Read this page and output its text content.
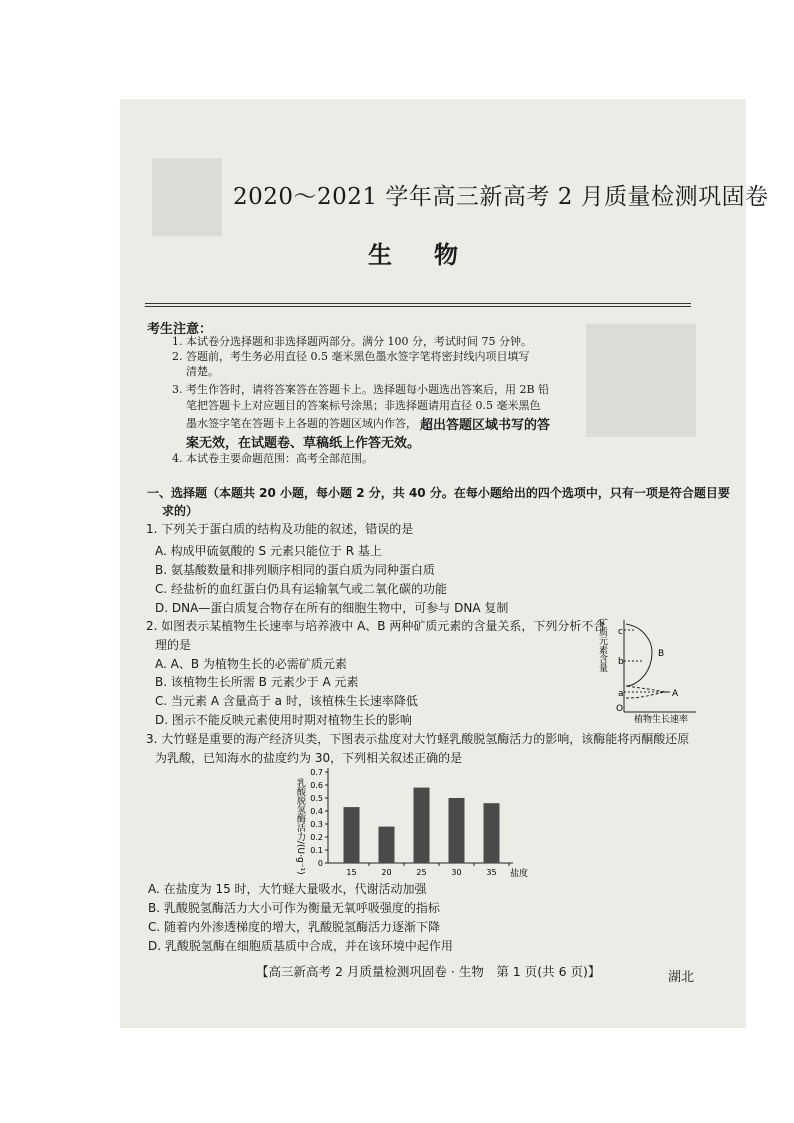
2020～2021 学年高三新高考 2 月质量检测巩固卷
生物
考生注意：
1. 本试卷分选择题和非选择题两部分。满分 100 分，考试时间 75 分钟。
2. 答题前，考生务必用直径 0.5 毫米黑色墨水签字笔将密封线内项目填写
清楚。
3. 考生作答时，请将答案答在答题卡上。选择题每小题选出答案后，用 2B 铅
笔把答题卡上对应题目的答案标号涂黑；非选择题请用直径 0.5 毫米黑色
墨水签字笔在答题卡上各题的答题区域内作答， 超出答题区域书写的答
案无效，在试题卷、草稿纸上作答无效。
4. 本试卷主要命题范围：高考全部范围。
一、选择题（本题共 20 小题，每小题 2 分，共 40 分。在每小题给出的四个选项中，只有一项是符合题目要
求的）
1. 下列关于蛋白质的结构及功能的叙述，错误的是
A. 构成甲硫氨酸的 S 元素只能位于 R 基上
B. 氨基酸数量和排列顺序相同的蛋白质为同种蛋白质
C. 经盐析的血红蛋白仍具有运输氧气或二氧化碳的功能
D. DNA—蛋白质复合物存在所有的细胞生物中，可参与 DNA 复制
2. 如图表示某植物生长速率与培养液中 A、B 两种矿质元素的含量关系，下列分析不合
理的是
A. A、B 为植物生长的必需矿质元素
B. 该植物生长所需 B 元素少于 A 元素
C. 当元素 A 含量高于 a 时，该植株生长速率降低
D. 图示不能反映元素使用时期对植物生长的影响
矿质元素含量 c
b
a
O
B
A
植物生长速率
3. 大竹蛏是重要的海产经济贝类，下图表示盐度对大竹蛏乳酸脱氢酶活力的影响，该酶能将丙酮酸还原
为乳酸，已知海水的盐度约为 30，下列相关叙述正确的是
乳酸脱氢酶活力/(U·g⁻¹) 0
0.1
0.2
0.3
0.4
0.5
0.6
0.7
15	20	25	30	35 盐度
A. 在盐度为 15 时，大竹蛏大量吸水，代谢活动加强
B. 乳酸脱氢酶活力大小可作为衡量无氧呼吸强度的指标
C. 随着内外渗透梯度的增大，乳酸脱氢酶活力逐渐下降
D. 乳酸脱氢酶在细胞质基质中合成，并在该环境中起作用
【高三新高考 2 月质量检测巩固卷 · 生物　第 1 页(共 6 页)】	湖北
